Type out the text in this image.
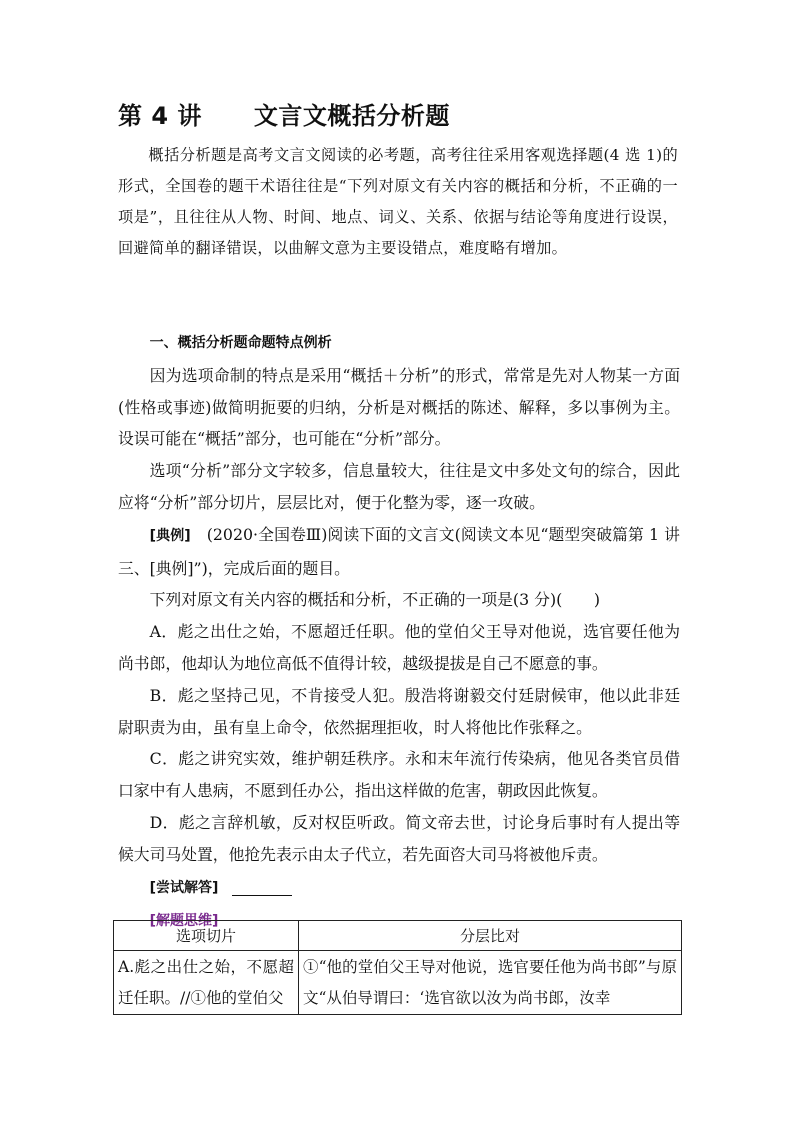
第 4 讲 文言文概括分析题
概括分析题是高考文言文阅读的必考题，高考往往采用客观选择题(4 选 1)的形式，全国卷的题干术语往往是“下列对原文有关内容的概括和分析，不正确的一项是”，且往往从人物、时间、地点、词义、关系、依据与结论等角度进行设误，回避简单的翻译错误，以曲解文意为主要设错点，难度略有增加。

一、概括分析题命题特点例析

因为选项命制的特点是采用“概括＋分析”的形式，常常是先对人物某一方面(性格或事迹)做简明扼要的归纳，分析是对概括的陈述、解释，多以事例为主。设误可能在“概括”部分，也可能在“分析”部分。

选项“分析”部分文字较多，信息量较大，往往是文中多处文句的综合，因此应将“分析”部分切片，层层比对，便于化整为零，逐一攻破。

[典例]　 (2020·全国卷Ⅲ)阅读下面的文言文(阅读文本见“题型突破篇第 1 讲三、[典例]”)，完成后面的题目。

下列对原文有关内容的概括和分析，不正确的一项是(3 分)(　　)

A．彪之出仕之始，不愿超迁任职。他的堂伯父王导对他说，选官要任他为尚书郎，他却认为地位高低不值得计较，越级提拔是自己不愿意的事。

B．彪之坚持己见，不肯接受人犯。殷浩将谢毅交付廷尉候审，他以此非廷尉职责为由，虽有皇上命令，依然据理拒收，时人将他比作张释之。

C．彪之讲究实效，维护朝廷秩序。永和末年流行传染病，他见各类官员借口家中有人患病，不愿到任办公，指出这样做的危害，朝政因此恢复。

D．彪之言辞机敏，反对权臣听政。简文帝去世，讨论身后事时有人提出等候大司马处置，他抢先表示由太子代立，若先面咨大司马将被他斥责。

[尝试解答]

[解题思维]

选项切片	分层比对
A.彪之出仕之始，不愿超迁任职。//①他的堂伯父	①“他的堂伯父王导对他说，选官要任他为尚书郎”与原文“从伯导谓曰：‘选官欲以汝为尚书郎，汝幸
